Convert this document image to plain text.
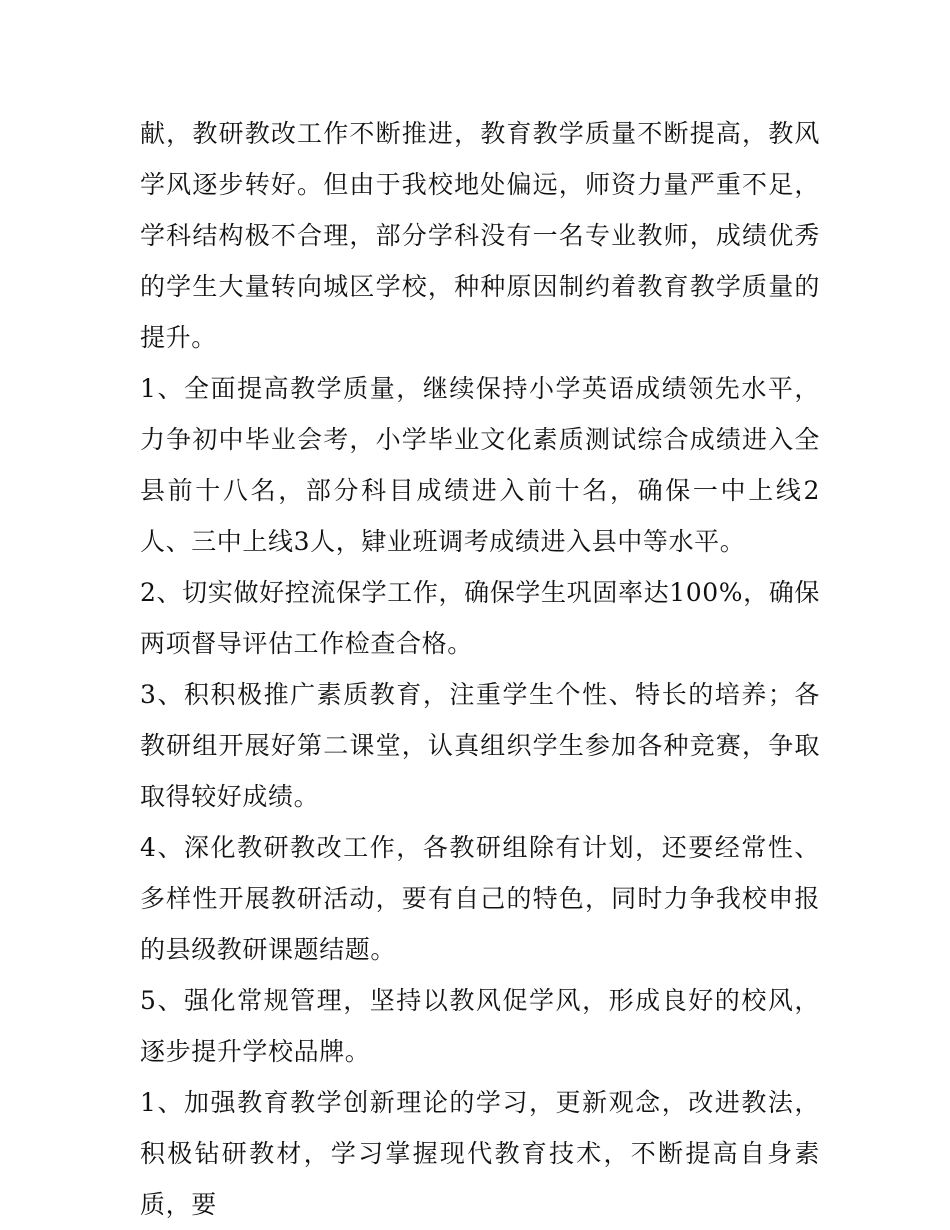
献，教研教改工作不断推进，教育教学质量不断提高，教风学风逐步转好。但由于我校地处偏远，师资力量严重不足，学科结构极不合理，部分学科没有一名专业教师，成绩优秀的学生大量转向城区学校，种种原因制约着教育教学质量的提升。

1、全面提高教学质量，继续保持小学英语成绩领先水平，力争初中毕业会考，小学毕业文化素质测试综合成绩进入全县前十八名，部分科目成绩进入前十名，确保一中上线2人、三中上线3人，肄业班调考成绩进入县中等水平。

2、切实做好控流保学工作，确保学生巩固率达100%，确保两项督导评估工作检查合格。

3、积积极推广素质教育，注重学生个性、特长的培养；各教研组开展好第二课堂，认真组织学生参加各种竞赛，争取取得较好成绩。

4、深化教研教改工作，各教研组除有计划，还要经常性、多样性开展教研活动，要有自己的特色，同时力争我校申报的县级教研课题结题。

5、强化常规管理，坚持以教风促学风，形成良好的校风，逐步提升学校品牌。

1、加强教育教学创新理论的学习，更新观念，改进教法，积极钻研教材，学习掌握现代教育技术，不断提高自身素质，要
